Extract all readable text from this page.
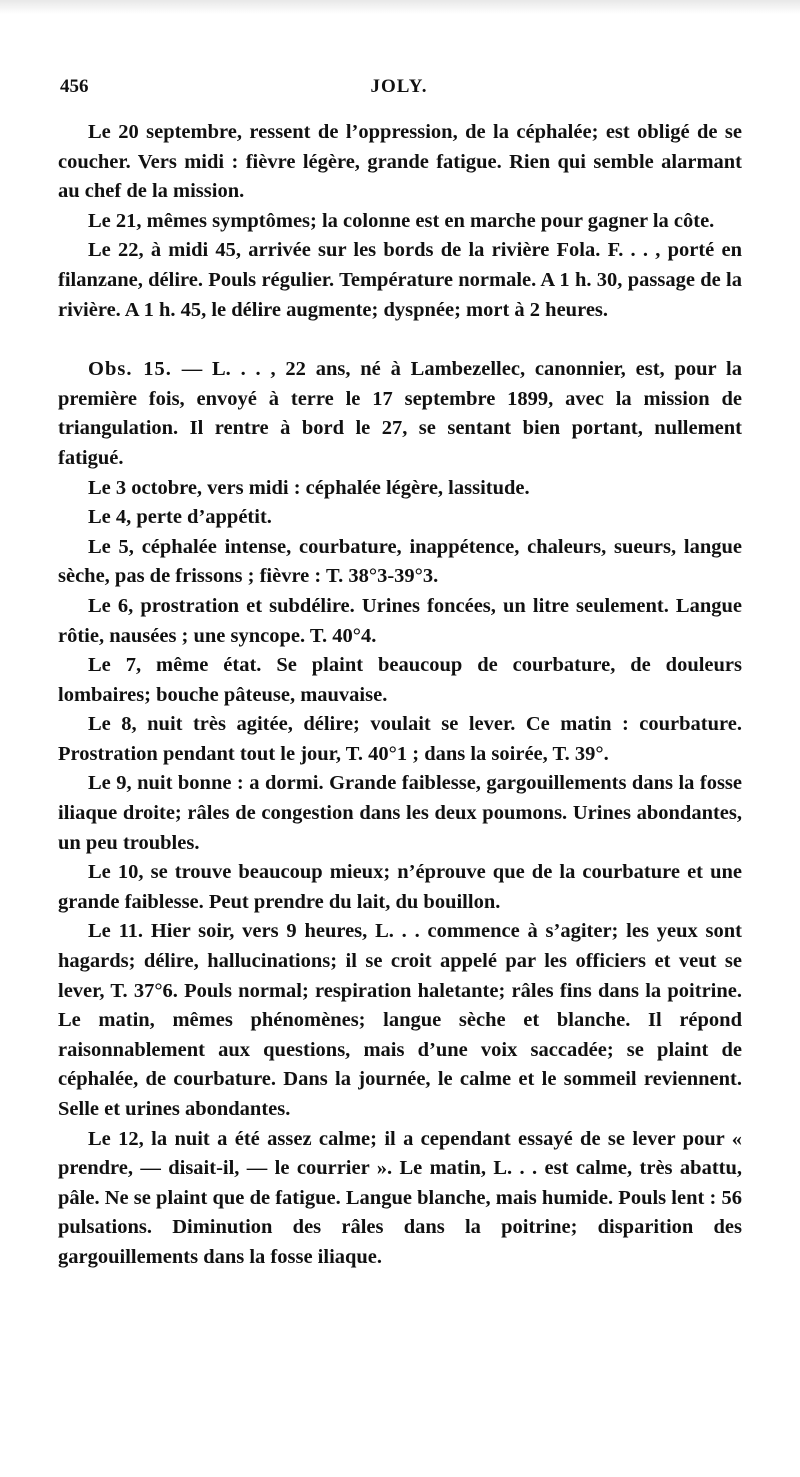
456	JOLY.

Le 20 septembre, ressent de l’oppression, de la céphalée; est obligé de se coucher. Vers midi : fièvre légère, grande fatigue. Rien qui semble alarmant au chef de la mission.

Le 21, mêmes symptômes; la colonne est en marche pour gagner la côte.

Le 22, à midi 45, arrivée sur les bords de la rivière Fola. F. . . , porté en filanzane, délire. Pouls régulier. Température normale. A 1 h. 30, passage de la rivière. A 1 h. 45, le délire augmente; dyspnée; mort à 2 heures.

Obs. 15. — L. . . , 22 ans, né à Lambezellec, canonnier, est, pour la première fois, envoyé à terre le 17 septembre 1899, avec la mission de triangulation. Il rentre à bord le 27, se sentant bien portant, nullement fatigué.

Le 3 octobre, vers midi : céphalée légère, lassitude.

Le 4, perte d’appétit.

Le 5, céphalée intense, courbature, inappétence, chaleurs, sueurs, langue sèche, pas de frissons ; fièvre : T. 38°3-39°3.

Le 6, prostration et subdélire. Urines foncées, un litre seulement. Langue rôtie, nausées ; une syncope. T. 40°4.

Le 7, même état. Se plaint beaucoup de courbature, de douleurs lombaires; bouche pâteuse, mauvaise.

Le 8, nuit très agitée, délire; voulait se lever. Ce matin : courbature. Prostration pendant tout le jour, T. 40°1 ; dans la soirée, T. 39°.

Le 9, nuit bonne : a dormi. Grande faiblesse, gargouillements dans la fosse iliaque droite; râles de congestion dans les deux poumons. Urines abondantes, un peu troubles.

Le 10, se trouve beaucoup mieux; n’éprouve que de la courbature et une grande faiblesse. Peut prendre du lait, du bouillon.

Le 11. Hier soir, vers 9 heures, L. . . commence à s’agiter; les yeux sont hagards; délire, hallucinations; il se croit appelé par les officiers et veut se lever, T. 37°6. Pouls normal; respiration haletante; râles fins dans la poitrine. Le matin, mêmes phénomènes; langue sèche et blanche. Il répond raisonnablement aux questions, mais d’une voix saccadée; se plaint de céphalée, de courbature. Dans la journée, le calme et le sommeil reviennent. Selle et urines abondantes.

Le 12, la nuit a été assez calme; il a cependant essayé de se lever pour « prendre, — disait-il, — le courrier ». Le matin, L. . . est calme, très abattu, pâle. Ne se plaint que de fatigue. Langue blanche, mais humide. Pouls lent : 56 pulsations. Diminution des râles dans la poitrine; disparition des gargouillements dans la fosse iliaque.
